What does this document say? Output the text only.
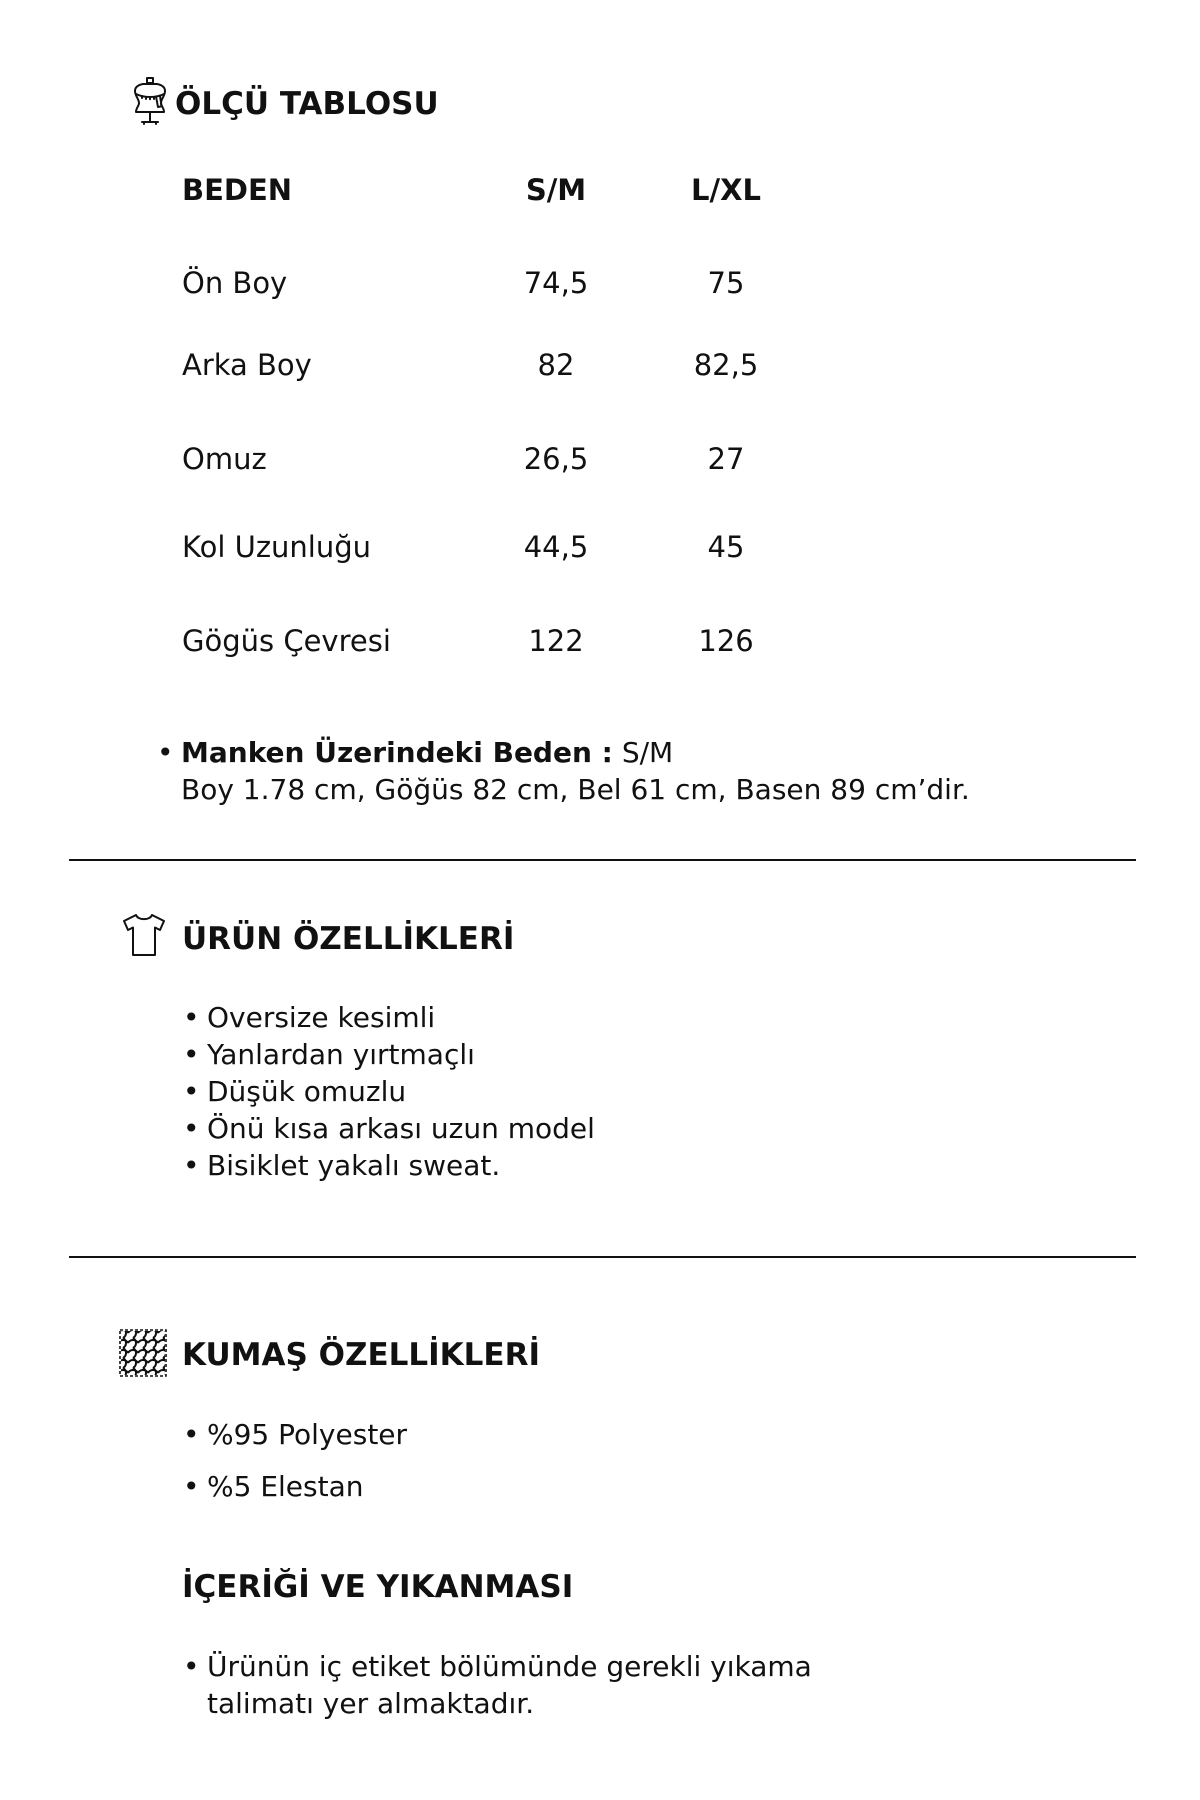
ÖLÇÜ TABLOSU
BEDEN	S/M	L/XL
Ön Boy	74,5	75
Arka Boy	82	82,5
Omuz	26,5	27
Kol Uzunluğu	44,5	45
Gögüs Çevresi	122	126
• Manken Üzerindeki Beden : S/M
Boy 1.78 cm, Göğüs 82 cm, Bel 61 cm, Basen 89 cm’dir.
ÜRÜN ÖZELLİKLERİ
• Oversize kesimli
• Yanlardan yırtmaçlı
• Düşük omuzlu
• Önü kısa arkası uzun model
• Bisiklet yakalı sweat.
KUMAŞ ÖZELLİKLERİ
• %95 Polyester
• %5 Elestan
İÇERİĞİ VE YIKANMASI
• Ürünün iç etiket bölümünde gerekli yıkama
talimatı yer almaktadır.
